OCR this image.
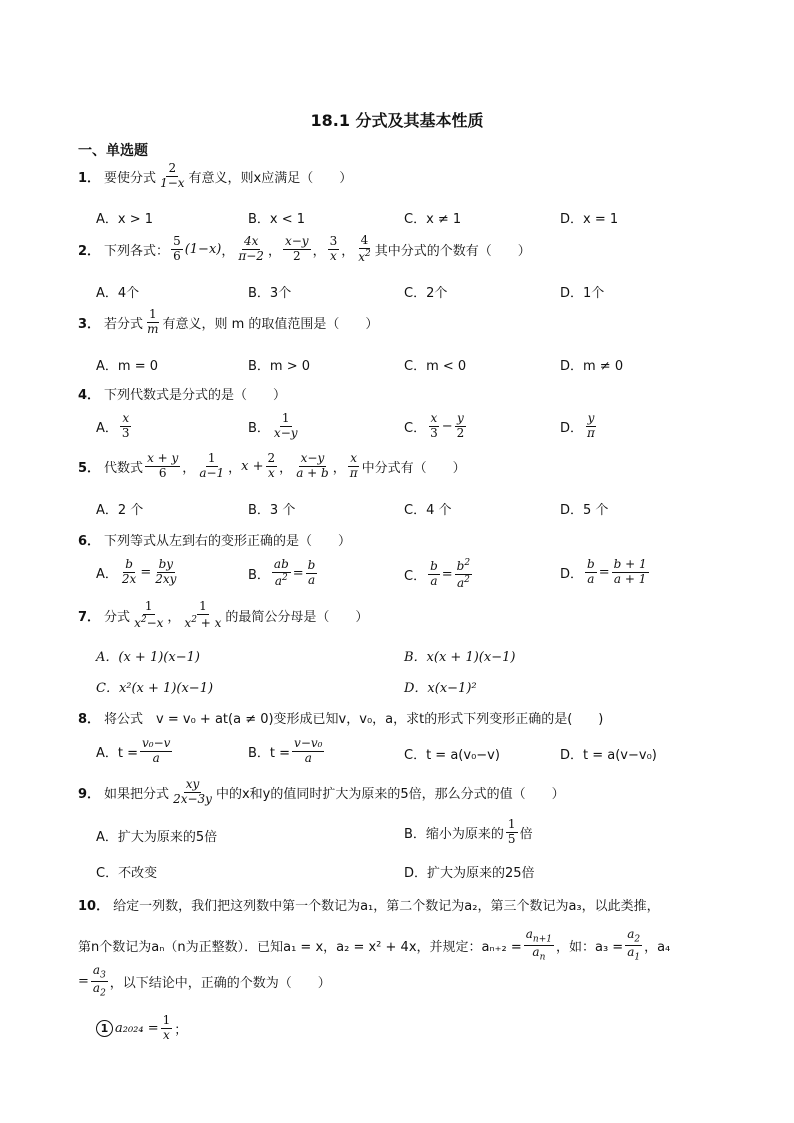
18.1 分式及其基本性质
一、单选题
1． 要使分式 $\frac{2}{1-x}$ 有意义，则x应满足（　　）
A．x > 1	B．x < 1	C．x ≠ 1	D．x = 1
2． 下列各式： $\frac{5}{6} (1-x)$ ， $\frac{4x}{\pi-2}$ ， $\frac{x-y}{2}$ ， $\frac{3}{x}$ ， $\frac{4}{x^2}$ 其中分式的个数有（　　）
A．4个	B．3个	C．2个	D．1个
3． 若分式 $\frac{1}{m}$ 有意义，则 m 的取值范围是（　　）
A．m = 0	B．m > 0	C．m < 0	D．m ≠ 0
4． 下列代数式是分式的是（　　）
A． $\frac{x}{3}$	B． $\frac{1}{x-y}$	C． $\frac{x}{3} - \frac{y}{2}$	D． $\frac{y}{\pi}$
5． 代数式 $\frac{x + y}{6}$ ， $\frac{1}{a-1}$ ， $x + \frac{2}{x}$ ， $\frac{x-y}{a + b}$ ， $\frac{x}{\pi}$ 中分式有（　　）
A．2 个	B．3 个	C．4 个	D．5 个
6． 下列等式从左到右的变形正确的是（　　）
A． $\frac{b}{2x} = \frac{by}{2xy}$	B． $\frac{ab}{a^2} = \frac{b}{a}$	C． $\frac{b}{a} = \frac{b^2}{a^2}$	D． $\frac{b}{a} = \frac{b + 1}{a + 1}$
7． 分式 $\frac{1}{x^2-x}$ ， $\frac{1}{x^2 + x}$ 的最简公分母是（　　）
A．(x + 1)(x−1)	B．x(x + 1)(x−1)
C．x²(x + 1)(x−1)	D．x(x−1)²
8． 将公式　v = v₀ + at(a ≠ 0)变形成已知v，v₀，a，求t的形式下列变形正确的是(　　)
A．$t = \frac{\text{v₀−v}}{a}$	B．$t = \frac{\text{v−v₀}}{a}$	C．t = a(v₀−v)	D．t = a(v−v₀)
9． 如果把分式 $\frac{xy}{2x-3y}$ 中的x和y的值同时扩大为原来的5倍，那么分式的值（　　）
A．扩大为原来的5倍	B．缩小为原来的 $\frac{1}{5}$ 倍
C．不改变	D．扩大为原来的25倍
10． 给定一列数，我们把这列数中第一个数记为a₁，第二个数记为a₂，第三个数记为a₃，以此类推，
第n个数记为aₙ（n为正整数）．已知a₁ = x，a₂ = x² + 4x，并规定：$a_{n+2} = \frac{a_{n+1}}{a_n}$ ，如：$a_3 = \frac{a_2}{a_1}$ ，a₄
= $\frac{a_3}{a_2}$ ，以下结论中，正确的个数为（　　）
1 $a_{2024} = \frac{1}{x}$ ；
